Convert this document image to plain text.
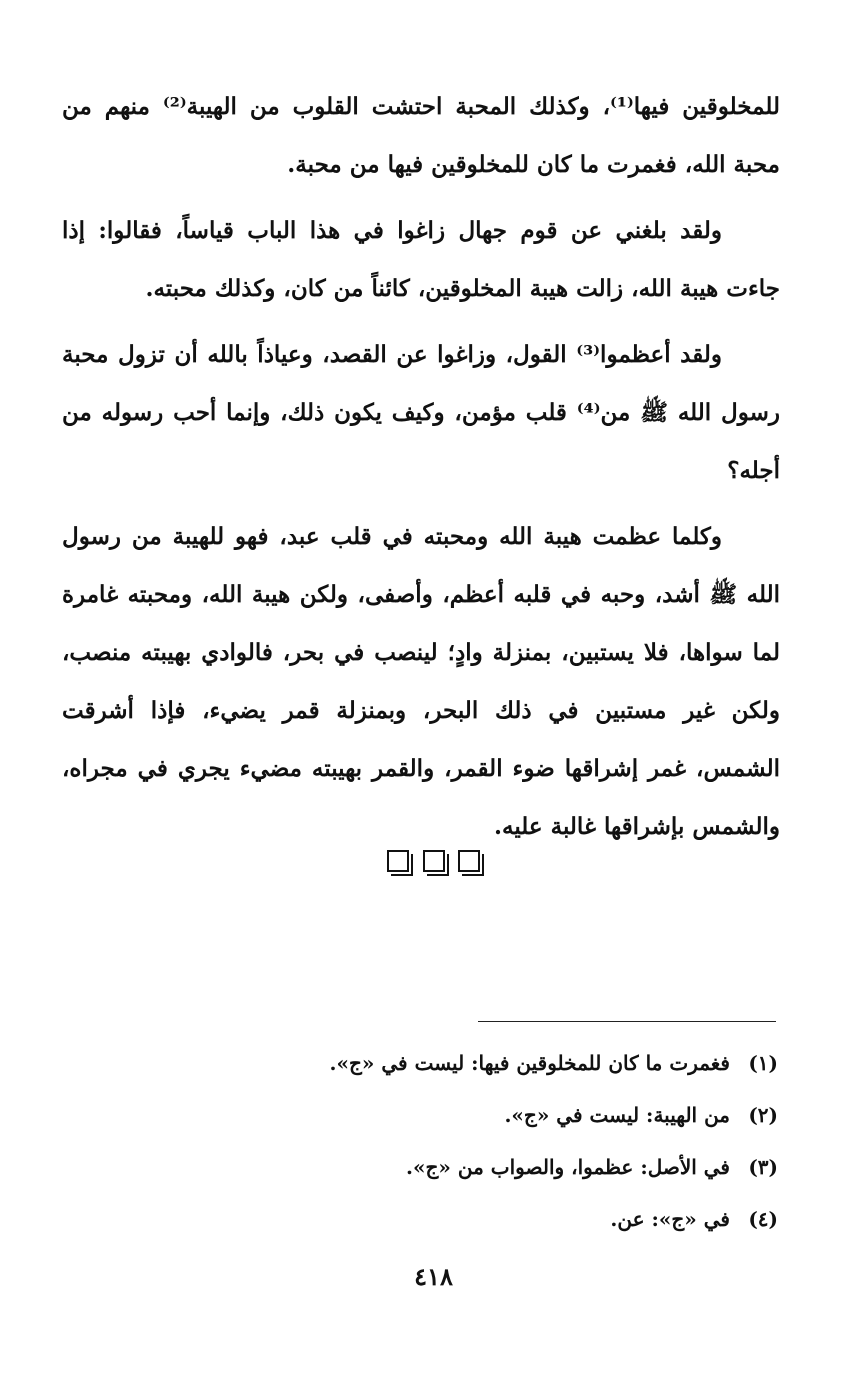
للمخلوقين فيها⁽¹⁾، وكذلك المحبة احتشت القلوب من الهيبة⁽²⁾ منهم من محبة الله، فغمرت ما كان للمخلوقين فيها من محبة.

ولقد بلغني عن قوم جهال زاغوا في هذا الباب قياساً، فقالوا: إذا جاءت هيبة الله، زالت هيبة المخلوقين، كائناً من كان، وكذلك محبته.

ولقد أعظموا⁽³⁾ القول، وزاغوا عن القصد، وعياذاً بالله أن تزول محبة رسول الله ﷺ من⁽⁴⁾ قلب مؤمن، وكيف يكون ذلك، وإنما أحب رسوله من أجله؟

وكلما عظمت هيبة الله ومحبته في قلب عبد، فهو للهيبة من رسول الله ﷺ أشد، وحبه في قلبه أعظم، وأصفى، ولكن هيبة الله، ومحبته غامرة لما سواها، فلا يستبين، بمنزلة وادٍ؛ لينصب في بحر، فالوادي بهيبته منصب، ولكن غير مستبين في ذلك البحر، وبمنزلة قمر يضيء، فإذا أشرقت الشمس، غمر إشراقها ضوء القمر، والقمر بهيبته مضيء يجري في مجراه، والشمس بإشراقها غالبة عليه.

(١)فغمرت ما كان للمخلوقين فيها: ليست في «ج».
(٢)من الهيبة: ليست في «ج».
(٣)في الأصل: عظموا، والصواب من «ج».
(٤)في «ج»: عن.
٤١٨
